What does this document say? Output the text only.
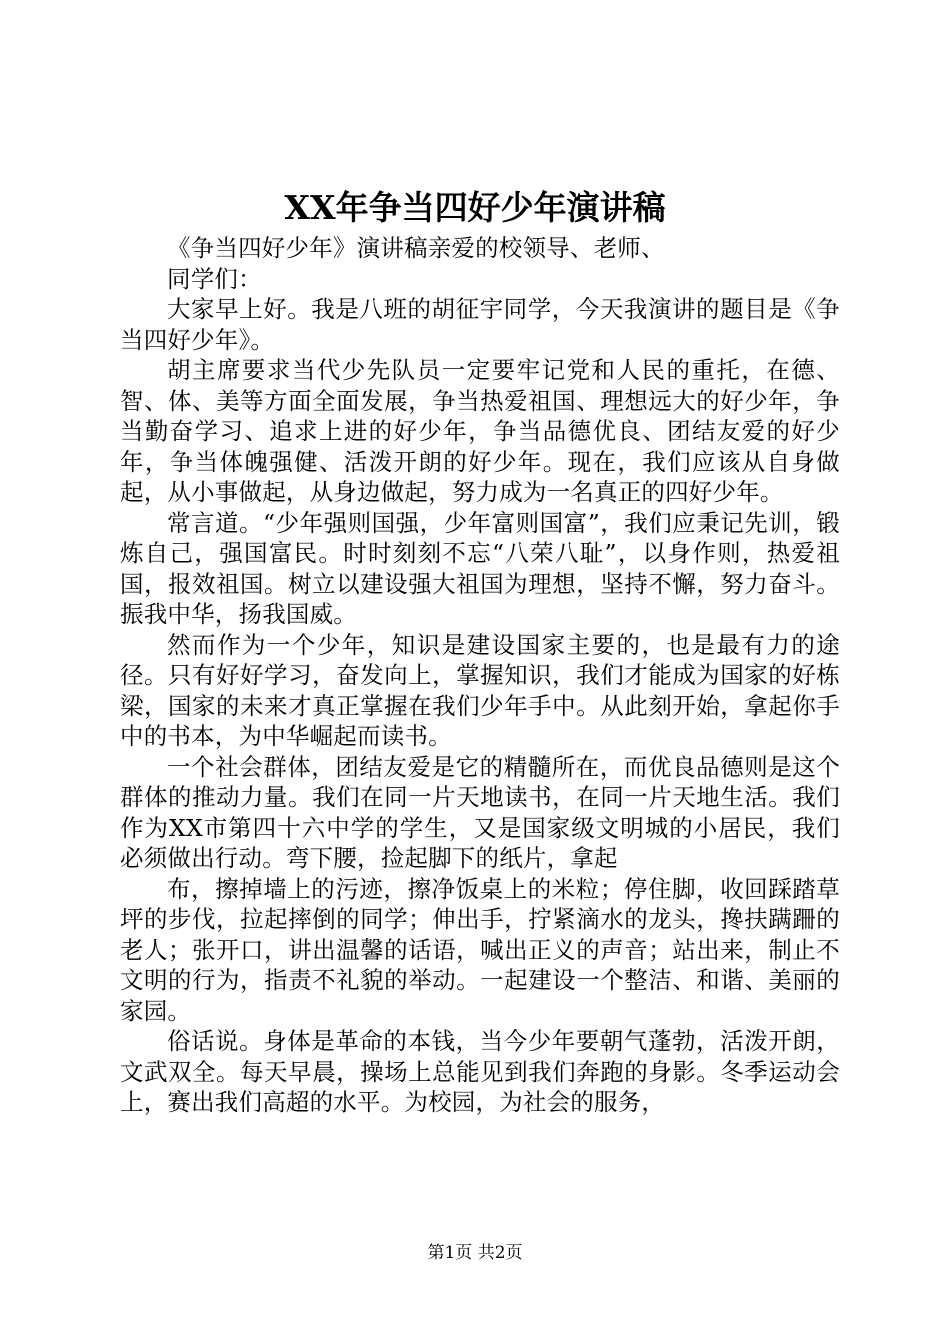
XX年争当四好少年演讲稿

《争当四好少年》演讲稿亲爱的校领导、老师、

同学们：

大家早上好。我是八班的胡征宇同学，今天我演讲的题目是《争当四好少年》。

胡主席要求当代少先队员一定要牢记党和人民的重托，在德、智、体、美等方面全面发展，争当热爱祖国、理想远大的好少年，争当勤奋学习、追求上进的好少年，争当品德优良、团结友爱的好少年，争当体魄强健、活泼开朗的好少年。现在，我们应该从自身做起，从小事做起，从身边做起，努力成为一名真正的四好少年。

常言道。“少年强则国强，少年富则国富”，我们应秉记先训，锻炼自己，强国富民。时时刻刻不忘“八荣八耻”，以身作则，热爱祖国，报效祖国。树立以建设强大祖国为理想，坚持不懈，努力奋斗。振我中华，扬我国威。

然而作为一个少年，知识是建设国家主要的，也是最有力的途径。只有好好学习，奋发向上，掌握知识，我们才能成为国家的好栋梁，国家的未来才真正掌握在我们少年手中。从此刻开始，拿起你手中的书本，为中华崛起而读书。

一个社会群体，团结友爱是它的精髓所在，而优良品德则是这个群体的推动力量。我们在同一片天地读书，在同一片天地生活。我们作为XX市第四十六中学的学生，又是国家级文明城的小居民，我们必须做出行动。弯下腰，捡起脚下的纸片，拿起

布，擦掉墙上的污迹，擦净饭桌上的米粒；停住脚，收回踩踏草坪的步伐，拉起摔倒的同学；伸出手，拧紧滴水的龙头，搀扶蹒跚的老人；张开口，讲出温馨的话语，喊出正义的声音；站出来，制止不文明的行为，指责不礼貌的举动。一起建设一个整洁、和谐、美丽的家园。

俗话说。身体是革命的本钱，当今少年要朝气蓬勃，活泼开朗，文武双全。每天早晨，操场上总能见到我们奔跑的身影。冬季运动会上，赛出我们高超的水平。为校园，为社会的服务，

第1页 共2页
